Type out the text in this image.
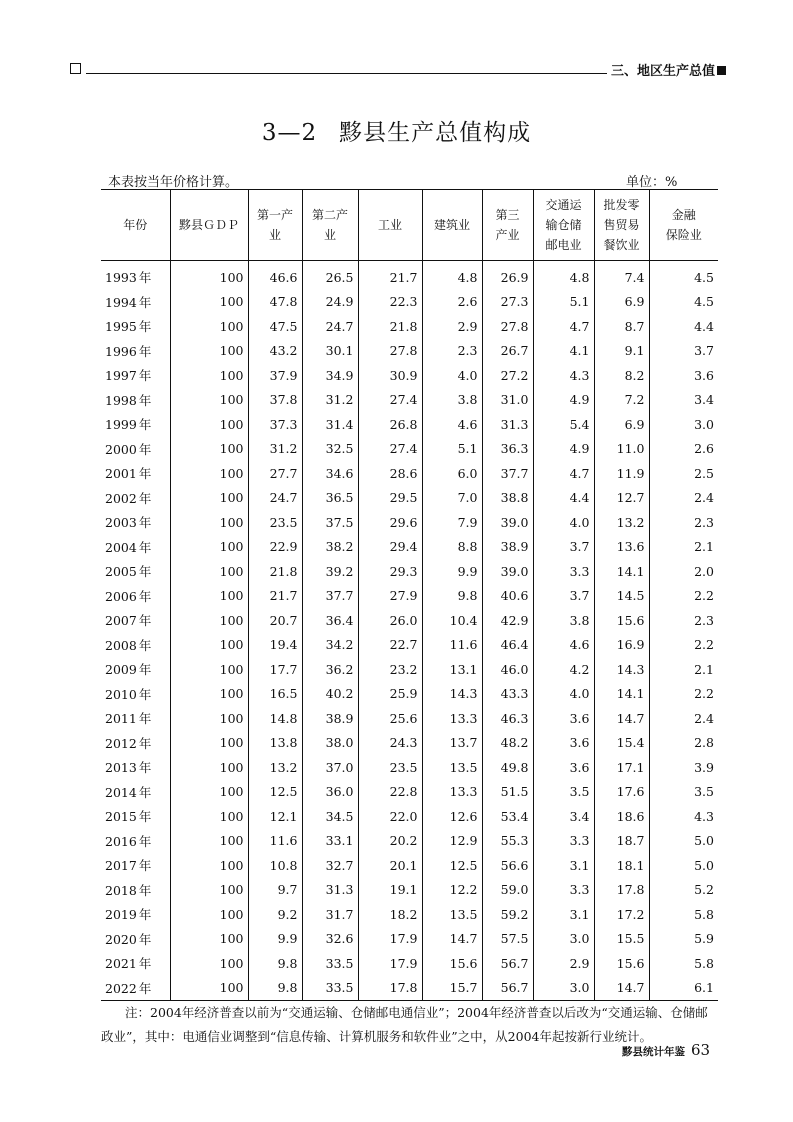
三、地区生产总值
3—2 黟县生产总值构成
本表按当年价格计算。	单位：%
年份	黟县ＧＤＰ	第一产
业	第二产
业	工业	建筑业	第三
产业	交通运
输仓储
邮电业	批发零
售贸易
餐饮业	金融
保险业
1993 年	100	46.6	26.5	21.7	4.8	26.9	4.8	7.4	4.5
1994 年	100	47.8	24.9	22.3	2.6	27.3	5.1	6.9	4.5
1995 年	100	47.5	24.7	21.8	2.9	27.8	4.7	8.7	4.4
1996 年	100	43.2	30.1	27.8	2.3	26.7	4.1	9.1	3.7
1997 年	100	37.9	34.9	30.9	4.0	27.2	4.3	8.2	3.6
1998 年	100	37.8	31.2	27.4	3.8	31.0	4.9	7.2	3.4
1999 年	100	37.3	31.4	26.8	4.6	31.3	5.4	6.9	3.0
2000 年	100	31.2	32.5	27.4	5.1	36.3	4.9	11.0	2.6
2001 年	100	27.7	34.6	28.6	6.0	37.7	4.7	11.9	2.5
2002 年	100	24.7	36.5	29.5	7.0	38.8	4.4	12.7	2.4
2003 年	100	23.5	37.5	29.6	7.9	39.0	4.0	13.2	2.3
2004 年	100	22.9	38.2	29.4	8.8	38.9	3.7	13.6	2.1
2005 年	100	21.8	39.2	29.3	9.9	39.0	3.3	14.1	2.0
2006 年	100	21.7	37.7	27.9	9.8	40.6	3.7	14.5	2.2
2007 年	100	20.7	36.4	26.0	10.4	42.9	3.8	15.6	2.3
2008 年	100	19.4	34.2	22.7	11.6	46.4	4.6	16.9	2.2
2009 年	100	17.7	36.2	23.2	13.1	46.0	4.2	14.3	2.1
2010 年	100	16.5	40.2	25.9	14.3	43.3	4.0	14.1	2.2
2011 年	100	14.8	38.9	25.6	13.3	46.3	3.6	14.7	2.4
2012 年	100	13.8	38.0	24.3	13.7	48.2	3.6	15.4	2.8
2013 年	100	13.2	37.0	23.5	13.5	49.8	3.6	17.1	3.9
2014 年	100	12.5	36.0	22.8	13.3	51.5	3.5	17.6	3.5
2015 年	100	12.1	34.5	22.0	12.6	53.4	3.4	18.6	4.3
2016 年	100	11.6	33.1	20.2	12.9	55.3	3.3	18.7	5.0
2017 年	100	10.8	32.7	20.1	12.5	56.6	3.1	18.1	5.0
2018 年	100	9.7	31.3	19.1	12.2	59.0	3.3	17.8	5.2
2019 年	100	9.2	31.7	18.2	13.5	59.2	3.1	17.2	5.8
2020 年	100	9.9	32.6	17.9	14.7	57.5	3.0	15.5	5.9
2021 年	100	9.8	33.5	17.9	15.6	56.7	2.9	15.6	5.8
2022 年	100	9.8	33.5	17.8	15.7	56.7	3.0	14.7	6.1
注：2004年经济普查以前为“交通运输、仓储邮电通信业”；2004年经济普查以后改为“交通运输、仓储邮政业”，其中：电通信业调整到“信息传输、计算机服务和软件业”之中，从2004年起按新行业统计。
黟县统计年鉴 63
